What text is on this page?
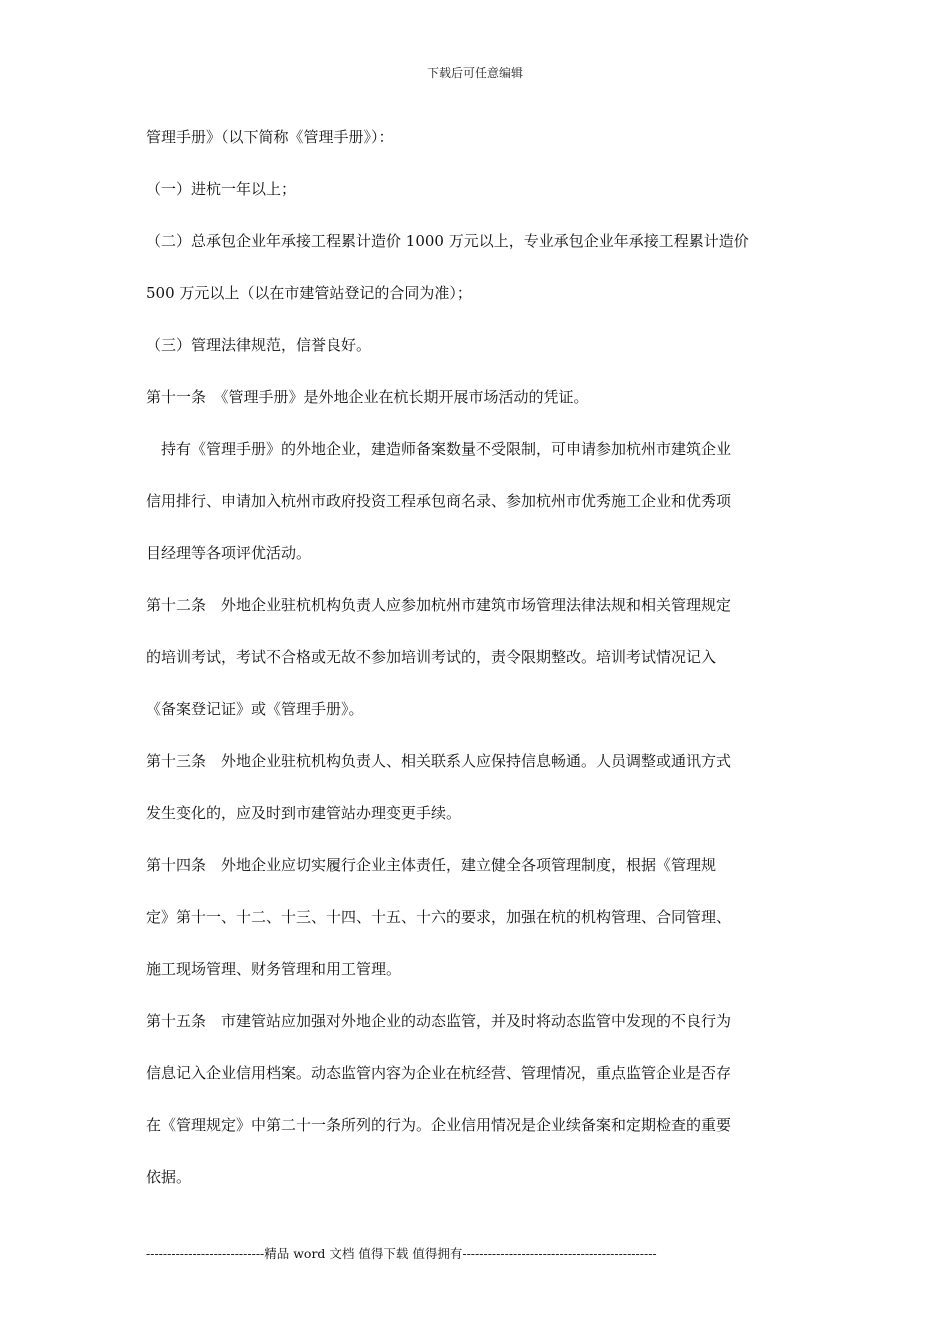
下载后可任意编辑
管理手册》（以下简称《管理手册》）：
（一）进杭一年以上；
（二）总承包企业年承接工程累计造价 1000 万元以上，专业承包企业年承接工程累计造价
500 万元以上（以在市建管站登记的合同为准）；
（三）管理法律规范，信誉良好。
第十一条　《管理手册》是外地企业在杭长期开展市场活动的凭证。
　持有《管理手册》的外地企业，建造师备案数量不受限制，可申请参加杭州市建筑企业
信用排行、申请加入杭州市政府投资工程承包商名录、参加杭州市优秀施工企业和优秀项
目经理等各项评优活动。
第十二条　外地企业驻杭机构负责人应参加杭州市建筑市场管理法律法规和相关管理规定
的培训考试，考试不合格或无故不参加培训考试的，责令限期整改。培训考试情况记入
《备案登记证》或《管理手册》。
第十三条　外地企业驻杭机构负责人、相关联系人应保持信息畅通。人员调整或通讯方式
发生变化的，应及时到市建管站办理变更手续。
第十四条　外地企业应切实履行企业主体责任，建立健全各项管理制度，根据《管理规
定》第十一、十二、十三、十四、十五、十六的要求，加强在杭的机构管理、合同管理、
施工现场管理、财务管理和用工管理。
第十五条　市建管站应加强对外地企业的动态监管，并及时将动态监管中发现的不良行为
信息记入企业信用档案。动态监管内容为企业在杭经营、管理情况，重点监管企业是否存
在《管理规定》中第二十一条所列的行为。企业信用情况是企业续备案和定期检查的重要
依据。
----------------------------精品 word 文档 值得下载 值得拥有----------------------------------------------
